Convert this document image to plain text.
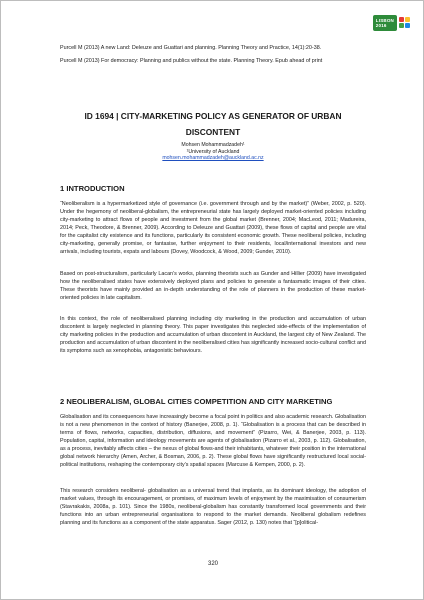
LISBON
2016

Purcell M (2013) A new Land: Deleuze and Guattari and planning. Planning Theory and Practice, 14(1):20-38.

Purcell M (2013) For democracy: Planning and publics without the state. Planning Theory. Epub ahead of print

ID 1694 | CITY-MARKETING POLICY AS GENERATOR OF URBAN DISCONTENT
Mohsen Mohammadzadeh¹
¹University of Auckland
mohsen.mohammadzadeh@auckland.ac.nz
1 INTRODUCTION

“Neoliberalism is a hypermarketized style of governance (i.e. government through and by the market)” (Weber, 2002, p. 520). Under the hegemony of neoliberal-globalism, the entrepreneurial state has largely deployed market-oriented policies including city-marketing to attract flows of people and investment from the global market (Brenner, 2004; MacLeod, 2011; Madureira, 2014; Peck, Theodore, & Brenner, 2009). According to Deleuze and Guattari (2009), these flows of capital and people are vital for the capitalist city existence and its functions, particularly its consistent economic growth. These neoliberal policies, including city-marketing, generally promise, or fantasise, further enjoyment to their residents, local/international investors and new arrivals, including tourists, expats and labours (Dovey, Woodcock, & Wood, 2009; Gunder, 2010).

Based on post-structuralism, particularly Lacan’s works, planning theorists such as Gunder and Hillier (2009) have investigated how the neoliberalised states have extensively deployed plans and policies to generate a fantasmatic images of their cities. These theorists have mainly provided an in-depth understanding of the role of planners in the production of these market-oriented policies in late capitalism.

In this context, the role of neoliberalised planning including city marketing in the production and accumulation of urban discontent is largely neglected in planning theory. This paper investigates this neglected side-effects of the implementation of city marketing policies in the production and accumulation of urban discontent in Auckland, the largest city of New Zealand. The production and accumulation of urban discontent in the neoliberalised cities has significantly increased socio-cultural conflict and its symptoms such as xenophobia, antagonistic behaviours.

2 NEOLIBERALISM, GLOBAL CITIES COMPETITION AND CITY MARKETING

Globalisation and its consequences have increasingly become a focal point in politics and also academic research. Globalisation is not a new phenomenon in the context of history (Banerjee, 2008, p. 1). “Globalisation is a process that can be described in terms of flows, networks, capacities, distribution, diffusions, and movement” (Pizarro, Wei, & Banerjee, 2003, p. 113). Population, capital, information and ideology movements are agents of globalisation (Pizarro et al., 2003, p. 112). Globalisation, as a process, inevitably affects cities – the nexus of global flows-and their inhabitants, whatever their position in the international global network hierarchy (Amen, Archer, & Bosman, 2006, p. 2). These global flows have significantly restructured local social-political institutions, reshaping the contemporary city’s spatial spaces (Marcuse & Kempen, 2000, p. 2).

This research considers neoliberal- globalisation as a universal trend that implants, as its dominant ideology, the adoption of market values, through its encouragement, or promises, of maximum levels of enjoyment by the maximisation of consumerism (Stavrakakis, 2008a, p. 101). Since the 1980s, neoliberal-globalism has constantly transformed local governments and their functions into an urban entrepreneurial organisations to respond to the market demands. Neoliberal globalism redefines planning and its functions as a component of the state apparatus. Sager (2012, p. 130) notes that “[p]olitical-

320
